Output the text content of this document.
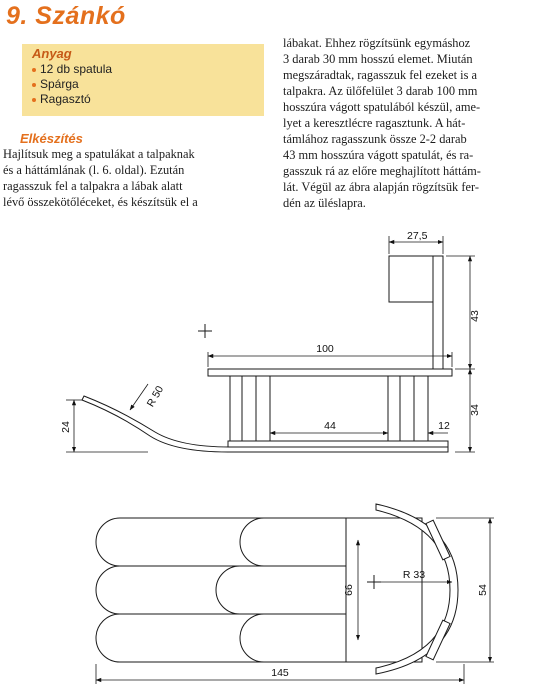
9. Szánkó
Anyag
12 db spatula
Spárga
Ragasztó
Elkészítés
Hajlítsuk meg a spatulákat a talpaknak
és a háttámlának (l. 6. oldal). Ezután
ragasszuk fel a talpakra a lábak alatt
lévő összekötőléceket, és készítsük el a
lábakat. Ehhez rögzítsünk egymáshoz
3 darab 30 mm hosszú elemet. Miután
megszáradtak, ragasszuk fel ezeket is a
talpakra. Az ülőfelület 3 darab 100 mm
hosszúra vágott spatulából készül, ame-
lyet a keresztlécre ragasztunk. A hát-
támlához ragasszunk össze 2-2 darab
43 mm hosszúra vágott spatulát, és ra-
gasszuk rá az előre meghajlított háttám-
lát. Végül az ábra alapján rögzítsük fer-
dén az üléslapra.
27,5
43
100
34
44	12
24
R 50
66
R 33
54
145
